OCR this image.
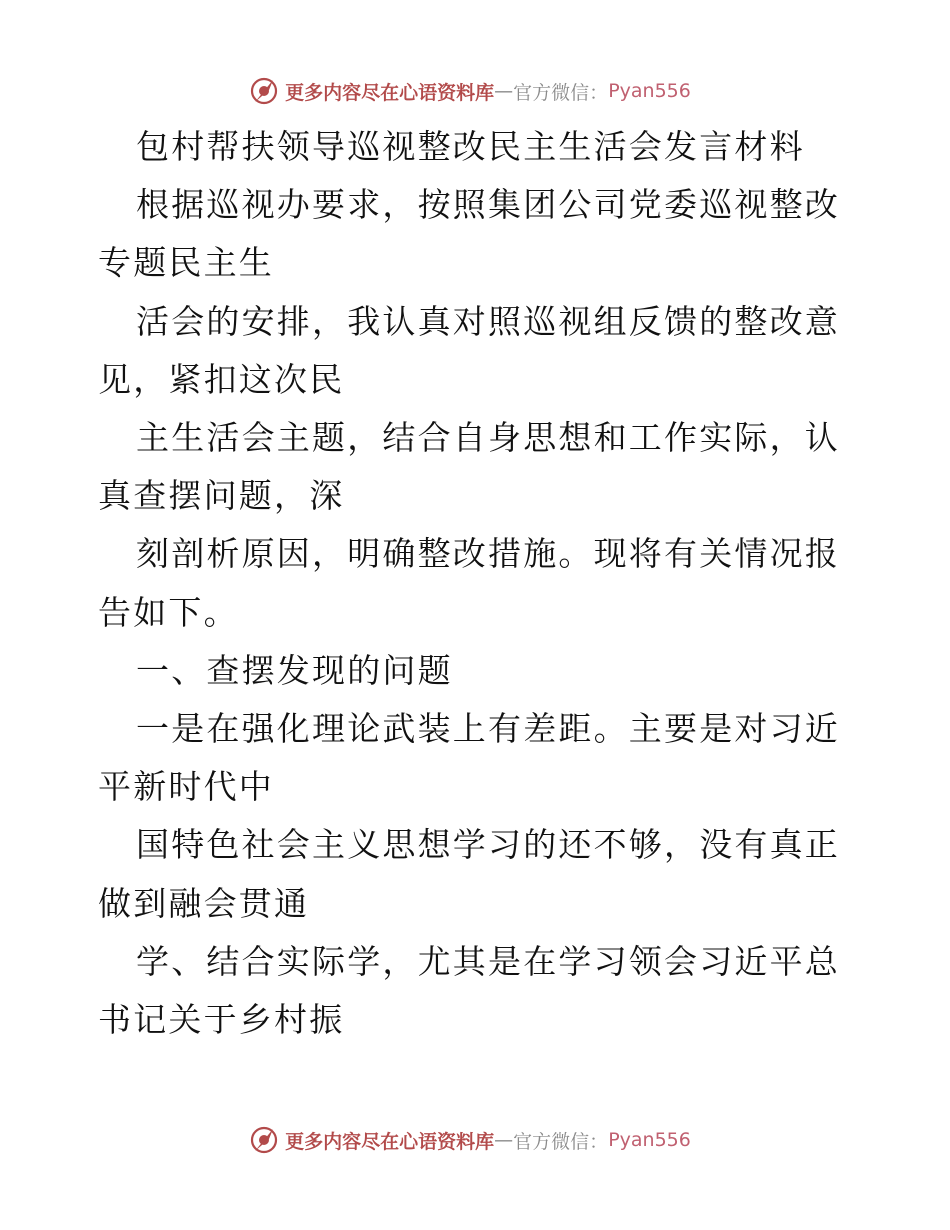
更多内容尽在心语资料库 — 官方微信： Pyan556

包村帮扶领导巡视整改民主生活会发言材料

根据巡视办要求，按照集团公司党委巡视整改专题民主生

活会的安排，我认真对照巡视组反馈的整改意见，紧扣这次民

主生活会主题，结合自身思想和工作实际，认真查摆问题，深

刻剖析原因，明确整改措施。现将有关情况报告如下。

一、查摆发现的问题

一是在强化理论武装上有差距。主要是对习近平新时代中

国特色社会主义思想学习的还不够，没有真正做到融会贯通

学、结合实际学，尤其是在学习领会习近平总书记关于乡村振

更多内容尽在心语资料库 — 官方微信： Pyan556
